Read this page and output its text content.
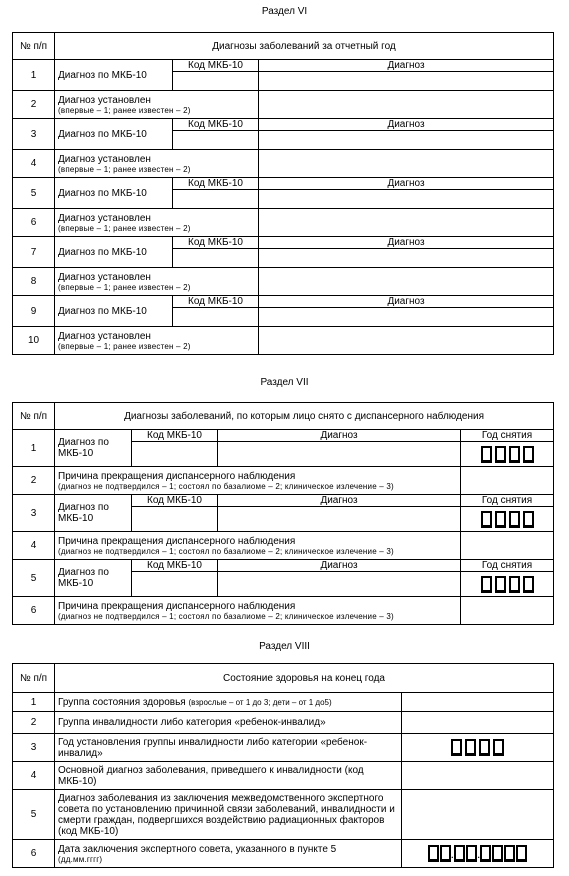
Раздел VI
№ п/п	Диагнозы заболеваний за отчетный год		
1	Диагноз по МКБ-10	Код МКБ-10	Диагноз

2	Диагноз установлен
(впервые – 1; ранее известен – 2)		

3	Диагноз по МКБ-10	Код МКБ-10	Диагноз

4	Диагноз установлен
(впервые – 1; ранее известен – 2)		

5	Диагноз по МКБ-10	Код МКБ-10	Диагноз

6	Диагноз установлен
(впервые – 1; ранее известен – 2)		

7	Диагноз по МКБ-10	Код МКБ-10	Диагноз

8	Диагноз установлен
(впервые – 1; ранее известен – 2)		

9	Диагноз по МКБ-10	Код МКБ-10	Диагноз

10	Диагноз установлен
(впервые – 1; ранее известен – 2)		

Раздел VII
№ п/п	Диагнозы заболеваний, по которым лицо снято с диспансерного наблюдения			
1	Диагноз по МКБ-10	Код МКБ-10	Диагноз	Год снятия

2	Причина прекращения диспансерного наблюдения
(диагноз не подтвердился – 1; состоял по базалиоме – 2; клиническое излечение – 3)			

3	Диагноз по МКБ-10	Код МКБ-10	Диагноз	Год снятия

4	Причина прекращения диспансерного наблюдения
(диагноз не подтвердился – 1; состоял по базалиоме – 2; клиническое излечение – 3)			

5	Диагноз по МКБ-10	Код МКБ-10	Диагноз	Год снятия

6	Причина прекращения диспансерного наблюдения
(диагноз не подтвердился – 1; состоял по базалиоме – 2; клиническое излечение – 3)			

Раздел VIII
№ п/п	Состояние здоровья на конец года	
1	Группа состояния здоровья (взрослые – от 1 до 3; дети – от 1 до5)	
2	Группа инвалидности либо категория «ребенок-инвалид»	
3	Год установления группы инвалидности либо категории «ребенок-инвалид»	

4	Основной диагноз заболевания, приведшего к инвалидности (код МКБ-10)	
5	Диагноз заболевания из заключения межведомственного экспертного совета по установлению причинной связи заболеваний, инвалидности и смерти граждан, подвергшихся воздействию радиационных факторов (код МКБ-10)	
6	Дата заключения экспертного совета, указанного в пункте 5
(дд.мм.гггг)	. .
